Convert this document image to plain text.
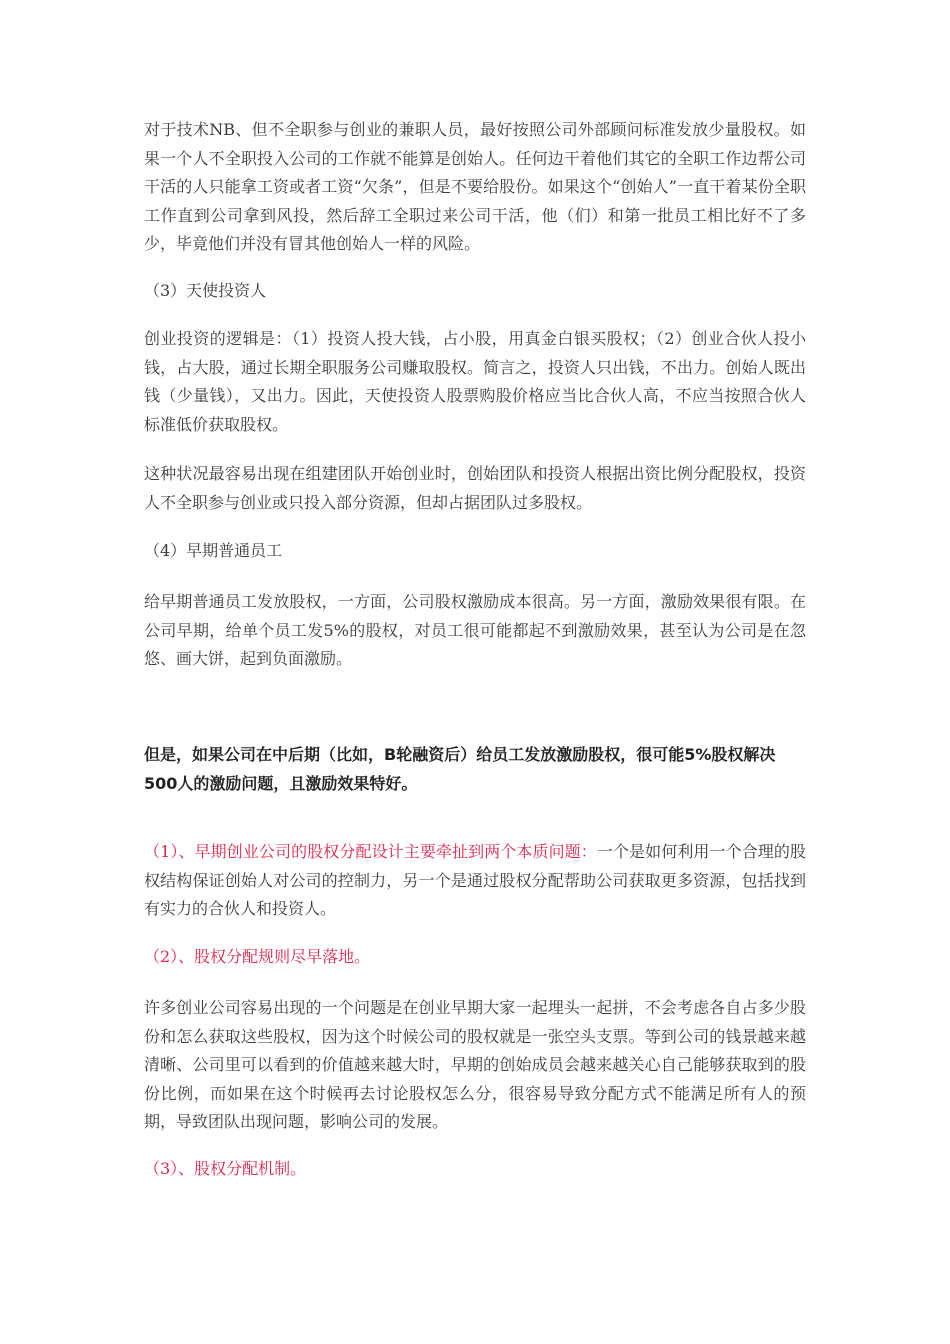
对于技术NB、但不全职参与创业的兼职人员，最好按照公司外部顾问标准发放少量股权。如果一个人不全职投入公司的工作就不能算是创始人。任何边干着他们其它的全职工作边帮公司干活的人只能拿工资或者工资“欠条”，但是不要给股份。如果这个“创始人”一直干着某份全职工作直到公司拿到风投，然后辞工全职过来公司干活，他（们）和第一批员工相比好不了多少，毕竟他们并没有冒其他创始人一样的风险。

（3）天使投资人

创业投资的逻辑是：（1）投资人投大钱，占小股，用真金白银买股权；（2）创业合伙人投小钱，占大股，通过长期全职服务公司赚取股权。简言之，投资人只出钱，不出力。创始人既出钱（少量钱），又出力。因此，天使投资人股票购股价格应当比合伙人高，不应当按照合伙人标准低价获取股权。

这种状况最容易出现在组建团队开始创业时，创始团队和投资人根据出资比例分配股权，投资人不全职参与创业或只投入部分资源，但却占据团队过多股权。

（4）早期普通员工

给早期普通员工发放股权，一方面，公司股权激励成本很高。另一方面，激励效果很有限。在公司早期，给单个员工发5%的股权，对员工很可能都起不到激励效果，甚至认为公司是在忽悠、画大饼，起到负面激励。

但是，如果公司在中后期（比如，B轮融资后）给员工发放激励股权，很可能5%股权解决500人的激励问题，且激励效果特好。

（1）、早期创业公司的股权分配设计主要牵扯到两个本质问题：一个是如何利用一个合理的股权结构保证创始人对公司的控制力，另一个是通过股权分配帮助公司获取更多资源，包括找到有实力的合伙人和投资人。

（2）、股权分配规则尽早落地。

许多创业公司容易出现的一个问题是在创业早期大家一起埋头一起拼，不会考虑各自占多少股份和怎么获取这些股权，因为这个时候公司的股权就是一张空头支票。等到公司的钱景越来越清晰、公司里可以看到的价值越来越大时，早期的创始成员会越来越关心自己能够获取到的股份比例，而如果在这个时候再去讨论股权怎么分，很容易导致分配方式不能满足所有人的预期，导致团队出现问题，影响公司的发展。

（3）、股权分配机制。
